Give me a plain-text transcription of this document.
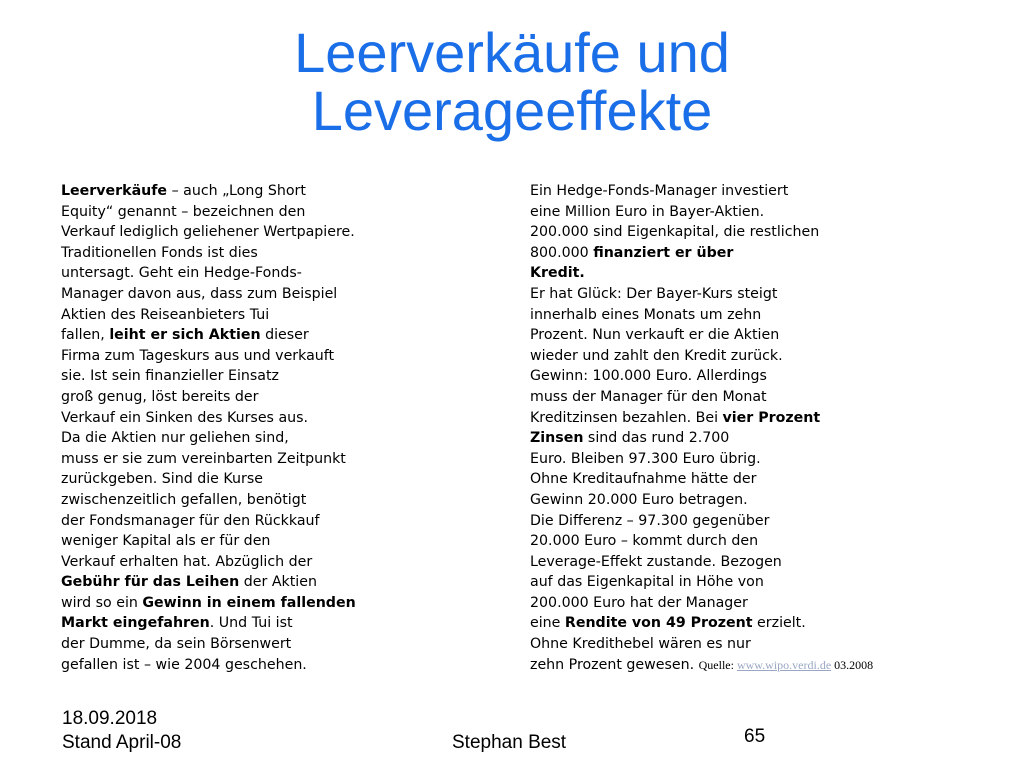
Leerverkäufe und
Leverageeffekte
Leerverkäufe – auch „Long Short
Equity“ genannt – bezeichnen den
Verkauf lediglich geliehener Wertpapiere.
Traditionellen Fonds ist dies
untersagt. Geht ein Hedge-Fonds-
Manager davon aus, dass zum Beispiel
Aktien des Reiseanbieters Tui
fallen, leiht er sich Aktien dieser
Firma zum Tageskurs aus und verkauft
sie. Ist sein finanzieller Einsatz
groß genug, löst bereits der
Verkauf ein Sinken des Kurses aus.
Da die Aktien nur geliehen sind,
muss er sie zum vereinbarten Zeitpunkt
zurückgeben. Sind die Kurse
zwischenzeitlich gefallen, benötigt
der Fondsmanager für den Rückkauf
weniger Kapital als er für den
Verkauf erhalten hat. Abzüglich der
Gebühr für das Leihen der Aktien
wird so ein Gewinn in einem fallenden
Markt eingefahren. Und Tui ist
der Dumme, da sein Börsenwert
gefallen ist – wie 2004 geschehen.
Ein Hedge-Fonds-Manager investiert
eine Million Euro in Bayer-Aktien.
200.000 sind Eigenkapital, die restlichen
800.000 finanziert er über
Kredit.
Er hat Glück: Der Bayer-Kurs steigt
innerhalb eines Monats um zehn
Prozent. Nun verkauft er die Aktien
wieder und zahlt den Kredit zurück.
Gewinn: 100.000 Euro. Allerdings
muss der Manager für den Monat
Kreditzinsen bezahlen. Bei vier Prozent
Zinsen sind das rund 2.700
Euro. Bleiben 97.300 Euro übrig.
Ohne Kreditaufnahme hätte der
Gewinn 20.000 Euro betragen.
Die Differenz – 97.300 gegenüber
20.000 Euro – kommt durch den
Leverage-Effekt zustande. Bezogen
auf das Eigenkapital in Höhe von
200.000 Euro hat der Manager
eine Rendite von 49 Prozent erzielt.
Ohne Kredithebel wären es nur
zehn Prozent gewesen. Quelle: www.wipo.verdi.de 03.2008
18.09.2018
Stand April-08	Stephan Best	65
